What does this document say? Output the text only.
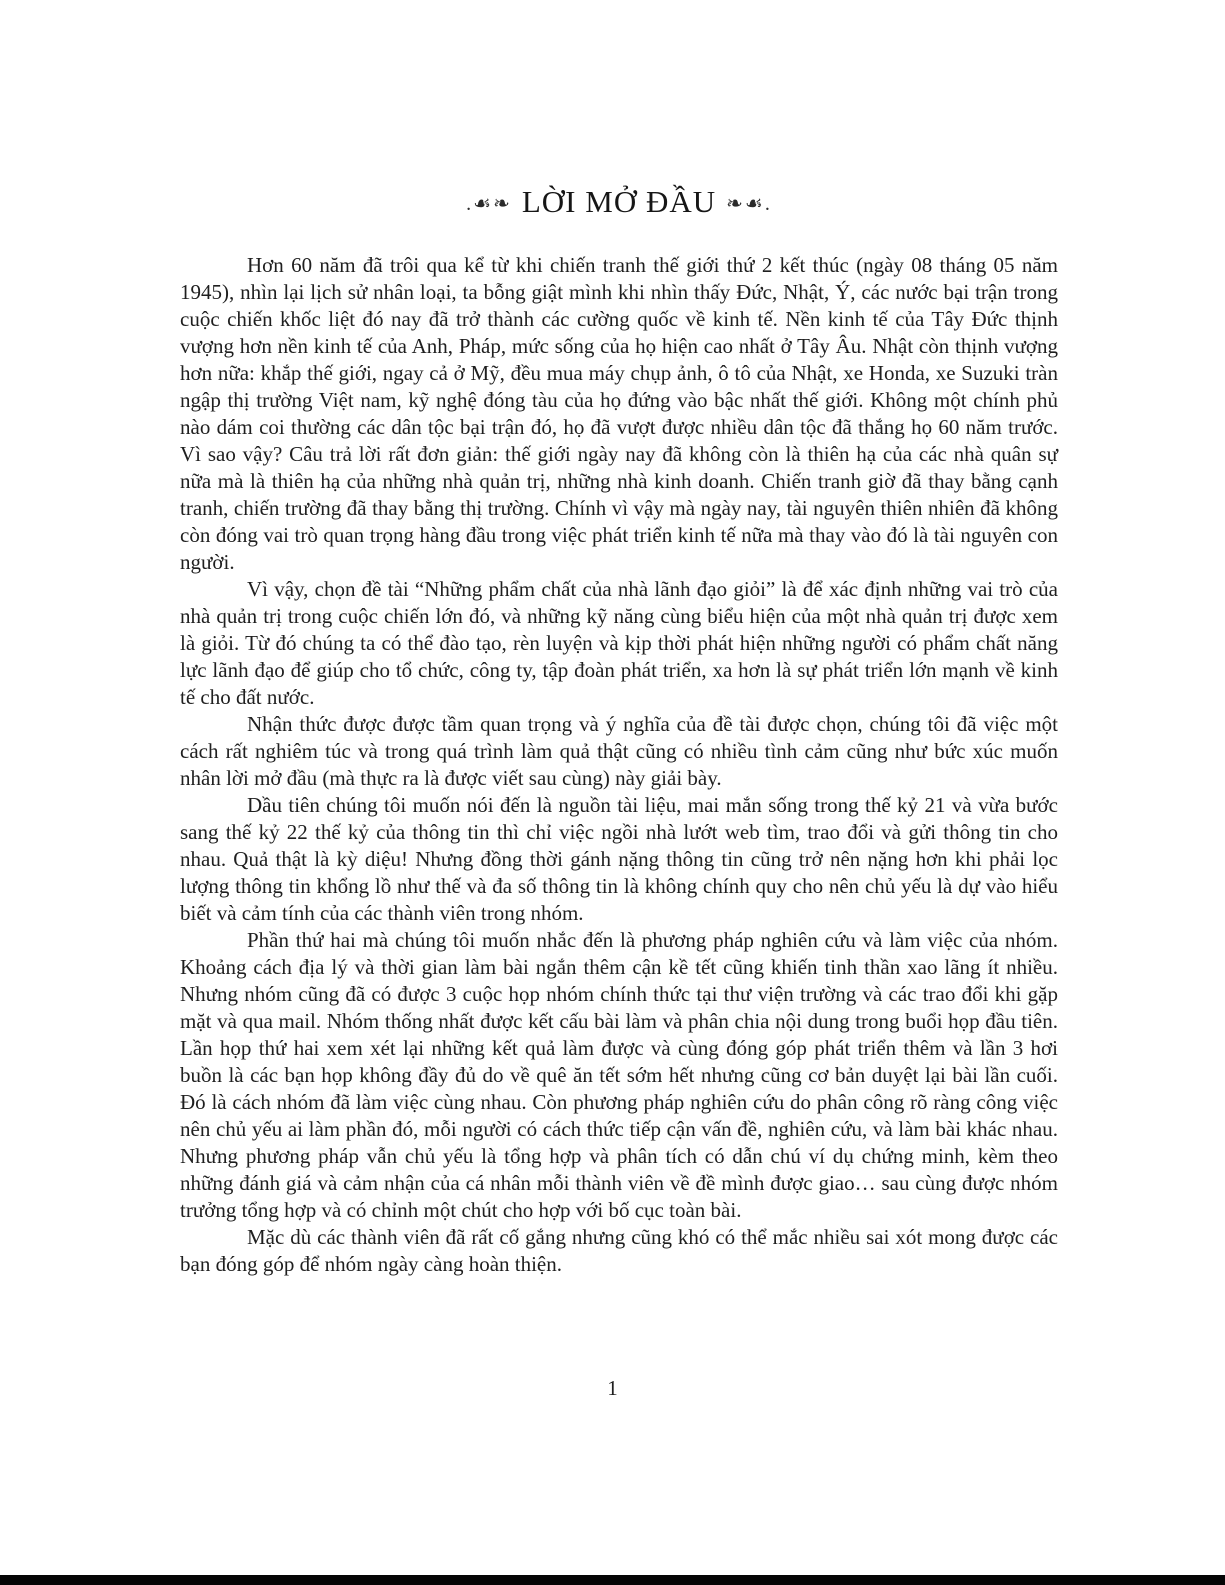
.☙❧ LỜI MỞ ĐẦU ❧☙.

Hơn 60 năm đã trôi qua kể từ khi chiến tranh thế giới thứ 2 kết thúc (ngày 08 tháng 05 năm 1945), nhìn lại lịch sử nhân loại, ta bỗng giật mình khi nhìn thấy Đức, Nhật, Ý, các nước bại trận trong cuộc chiến khốc liệt đó nay đã trở thành các cường quốc về kinh tế. Nền kinh tế của Tây Đức thịnh vượng hơn nền kinh tế của Anh, Pháp, mức sống của họ hiện cao nhất ở Tây Âu. Nhật còn thịnh vượng hơn nữa: khắp thế giới, ngay cả ở Mỹ, đều mua máy chụp ảnh, ô tô của Nhật, xe Honda, xe Suzuki tràn ngập thị trường Việt nam, kỹ nghệ đóng tàu của họ đứng vào bậc nhất thế giới. Không một chính phủ nào dám coi thường các dân tộc bại trận đó, họ đã vượt được nhiều dân tộc đã thắng họ 60 năm trước. Vì sao vậy? Câu trả lời rất đơn giản: thế giới ngày nay đã không còn là thiên hạ của các nhà quân sự nữa mà là thiên hạ của những nhà quản trị, những nhà kinh doanh. Chiến tranh giờ đã thay bằng cạnh tranh, chiến trường đã thay bằng thị trường. Chính vì vậy mà ngày nay, tài nguyên thiên nhiên đã không còn đóng vai trò quan trọng hàng đầu trong việc phát triển kinh tế nữa mà thay vào đó là tài nguyên con người.

Vì vậy, chọn đề tài “Những phẩm chất của nhà lãnh đạo giỏi” là để xác định những vai trò của nhà quản trị trong cuộc chiến lớn đó, và những kỹ năng cùng biểu hiện của một nhà quản trị được xem là giỏi. Từ đó chúng ta có thể đào tạo, rèn luyện và kịp thời phát hiện những người có phẩm chất năng lực lãnh đạo để giúp cho tổ chức, công ty, tập đoàn phát triển, xa hơn là sự phát triển lớn mạnh về kinh tế cho đất nước.

Nhận thức được được tầm quan trọng và ý nghĩa của đề tài được chọn, chúng tôi đã việc một cách rất nghiêm túc và trong quá trình làm quả thật cũng có nhiều tình cảm cũng như bức xúc muốn nhân lời mở đầu (mà thực ra là được viết sau cùng) này giải bày.

Dầu tiên chúng tôi muốn nói đến là nguồn tài liệu, mai mắn sống trong thế kỷ 21 và vừa bước sang thế kỷ 22 thế kỷ của thông tin thì chỉ việc ngồi nhà lướt web tìm, trao đổi và gửi thông tin cho nhau. Quả thật là kỳ diệu! Nhưng đồng thời gánh nặng thông tin cũng trở nên nặng hơn khi phải lọc lượng thông tin khổng lồ như thế và đa số thông tin là không chính quy cho nên chủ yếu là dự vào hiểu biết và cảm tính của các thành viên trong nhóm.

Phần thứ hai mà chúng tôi muốn nhắc đến là phương pháp nghiên cứu và làm việc của nhóm. Khoảng cách địa lý và thời gian làm bài ngắn thêm cận kề tết cũng khiến tinh thần xao lãng ít nhiều. Nhưng nhóm cũng đã có được 3 cuộc họp nhóm chính thức tại thư viện trường và các trao đổi khi gặp mặt và qua mail. Nhóm thống nhất được kết cấu bài làm và phân chia nội dung trong buổi họp đầu tiên. Lần họp thứ hai xem xét lại những kết quả làm được và cùng đóng góp phát triển thêm và lần 3 hơi buồn là các bạn họp không đầy đủ do về quê ăn tết sớm hết nhưng cũng cơ bản duyệt lại bài lần cuối. Đó là cách nhóm đã làm việc cùng nhau. Còn phương pháp nghiên cứu do phân công rõ ràng công việc nên chủ yếu ai làm phần đó, mỗi người có cách thức tiếp cận vấn đề, nghiên cứu, và làm bài khác nhau. Nhưng phương pháp vẫn chủ yếu là tổng hợp và phân tích có dẫn chú ví dụ chứng minh, kèm theo những đánh giá và cảm nhận của cá nhân mỗi thành viên về đề mình được giao… sau cùng được nhóm trưởng tổng hợp và có chỉnh một chút cho hợp với bố cục toàn bài.

Mặc dù các thành viên đã rất cố gắng nhưng cũng khó có thể mắc nhiều sai xót mong được các bạn đóng góp để nhóm ngày càng hoàn thiện.

1
